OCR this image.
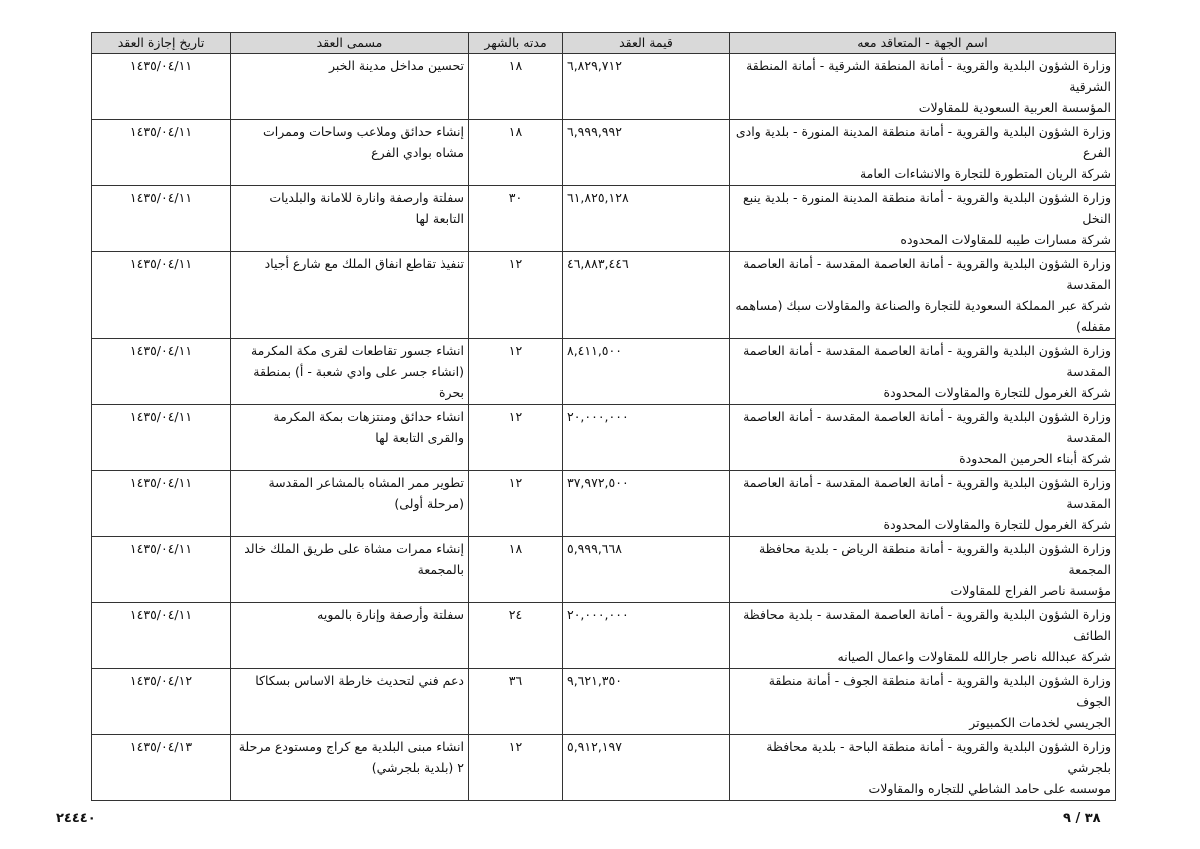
اسم الجهة - المتعاقد معه	قيمة العقد	مدته بالشهر	مسمى العقد	تاريخ إجازة العقد
وزارة الشؤون البلدية والقروية - أمانة المنطقة الشرقية - أمانة المنطقة الشرقية
المؤسسة العربية السعودية للمقاولات	٦,٨٢٩,٧١٢	١٨	تحسين مداخل مدينة الخبر	١٤٣٥/٠٤/١١
وزارة الشؤون البلدية والقروية - أمانة منطقة المدينة المنورة - بلدية وادى الفرع
شركة الريان المتطورة للتجارة والانشاءات العامة	٦,٩٩٩,٩٩٢	١٨	إنشاء حدائق وملاعب وساحات وممرات مشاه بوادي الفرع	١٤٣٥/٠٤/١١
وزارة الشؤون البلدية والقروية - أمانة منطقة المدينة المنورة - بلدية ينبع النخل
شركة مسارات طيبه للمقاولات المحدوده	٦١,٨٢٥,١٢٨	٣٠	سفلتة وارصفة وانارة للامانة والبلديات التابعة لها	١٤٣٥/٠٤/١١
وزارة الشؤون البلدية والقروية - أمانة العاصمة المقدسة - أمانة العاصمة المقدسة
شركة عبر المملكة السعودية للتجارة والصناعة والمقاولات سبك (مساهمه مقفله)	٤٦,٨٨٣,٤٤٦	١٢	تنفيذ تقاطع انفاق الملك مع شارع أجياد	١٤٣٥/٠٤/١١
وزارة الشؤون البلدية والقروية - أمانة العاصمة المقدسة - أمانة العاصمة المقدسة
شركة الغرمول للتجارة والمقاولات المحدودة	٨,٤١١,٥٠٠	١٢	انشاء جسور تقاطعات لقرى مكة المكرمة (انشاء جسر على وادي شعبة - أ) بمنطقة بحرة	١٤٣٥/٠٤/١١
وزارة الشؤون البلدية والقروية - أمانة العاصمة المقدسة - أمانة العاصمة المقدسة
شركة أبناء الحرمين المحدودة	٢٠,٠٠٠,٠٠٠	١٢	انشاء حدائق ومنتزهات بمكة المكرمة والقرى التابعة لها	١٤٣٥/٠٤/١١
وزارة الشؤون البلدية والقروية - أمانة العاصمة المقدسة - أمانة العاصمة المقدسة
شركة الغرمول للتجارة والمقاولات المحدودة	٣٧,٩٧٢,٥٠٠	١٢	تطوير ممر المشاه بالمشاعر المقدسة (مرحلة أولى)	١٤٣٥/٠٤/١١
وزارة الشؤون البلدية والقروية - أمانة منطقة الرياض - بلدية محافظة المجمعة
مؤسسة ناصر الفراج للمقاولات	٥,٩٩٩,٦٦٨	١٨	إنشاء ممرات مشاة على طريق الملك خالد بالمجمعة	١٤٣٥/٠٤/١١
وزارة الشؤون البلدية والقروية - أمانة العاصمة المقدسة - بلدية محافظة الطائف
شركة عبدالله ناصر جارالله للمقاولات واعمال الصيانه	٢٠,٠٠٠,٠٠٠	٢٤	سفلتة وأرصفة وإنارة بالمويه	١٤٣٥/٠٤/١١
وزارة الشؤون البلدية والقروية - أمانة منطقة الجوف - أمانة منطقة الجوف
الجريسي لخدمات الكمبيوتر	٩,٦٢١,٣٥٠	٣٦	دعم فني لتحديث خارطة الاساس بسكاكا	١٤٣٥/٠٤/١٢
وزارة الشؤون البلدية والقروية - أمانة منطقة الباحة - بلدية محافظة بلجرشي
موسسه على حامد الشاطي للتجاره والمقاولات	٥,٩١٢,١٩٧	١٢	انشاء مبنى البلدية مع كراج ومستودع مرحلة ٢ (بلدية بلجرشي)	١٤٣٥/٠٤/١٣
٢٤٤٤٠	٣٨ / ٩
